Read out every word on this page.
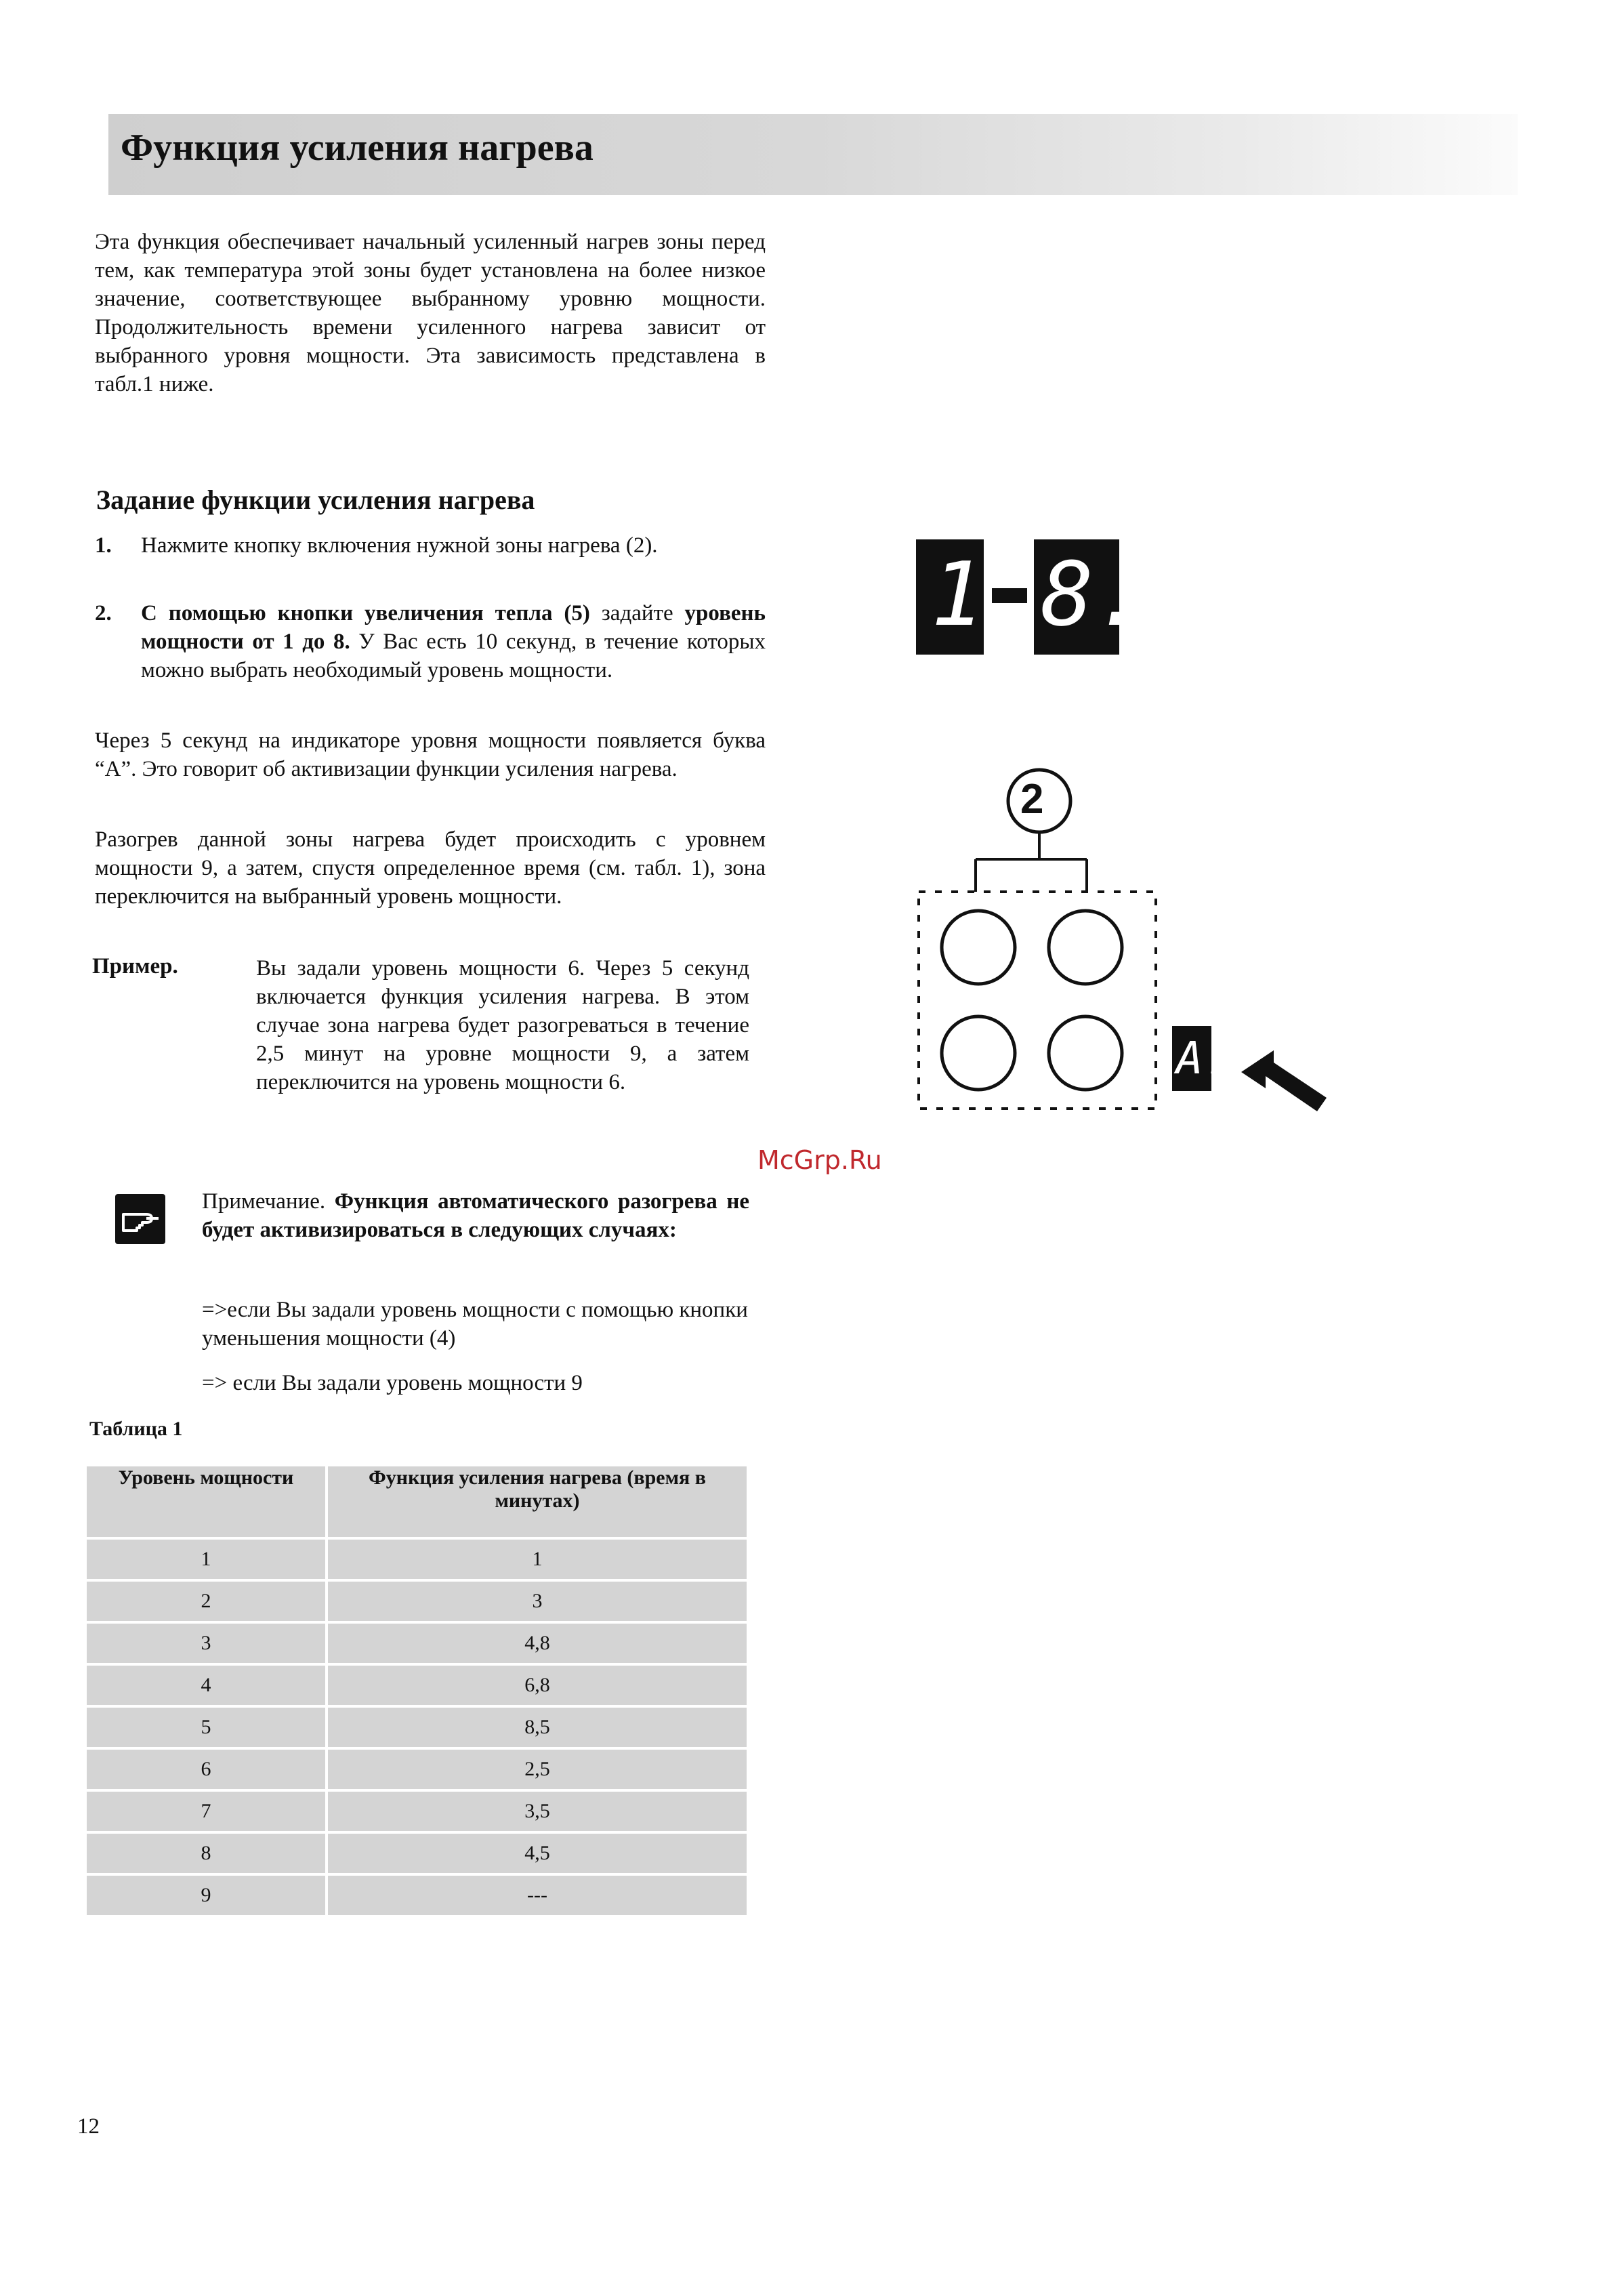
Функция усиления нагрева

Эта функция обеспечивает начальный усиленный нагрев зоны перед тем, как температура этой зоны будет установлена на более низкое значение, соответствующее выбранному уровню мощности. Продолжительность времени усиленного нагрева зависит от выбранного уровня мощности. Эта зависимость представлена в табл.1 ниже.

Задание функции усиления нагрева
1. Нажмите кнопку включения нужной зоны нагрева (2).
2. С помощью кнопки увеличения тепла (5) задайте уровень мощности от 1 до 8. У Вас есть 10 секунд, в течение которых можно выбрать необходимый уровень мощности.

Через 5 секунд на индикаторе уровня мощности появляется буква “А”. Это говорит об активизации функции усиления нагрева.

Разогрев данной зоны нагрева будет происходить с уровнем мощности 9, а затем, спустя определенное время (см. табл. 1), зона переключится на выбранный уровень мощности.

Пример.	Вы задали уровень мощности 6. Через 5 секунд включается функция усиления нагрева. В этом случае зона нагрева будет разогреваться в течение 2,5 минут на уровне мощности 9, а затем переключится на уровень мощности 6.
McGrp.Ru
Примечание. Функция автоматического разогрева не будет активизироваться в следующих случаях:
=>если Вы задали уровень мощности с помощью кнопки уменьшения мощности (4)
=> если Вы задали уровень мощности 9
Таблица 1
Уровень мощности	Функция усиления нагрева (время в минутах)
1	1
2	3
3	4,8
4	6,8
5	8,5
6	2,5
7	3,5
8	4,5
9	---
1. 8.
2
A.
12
